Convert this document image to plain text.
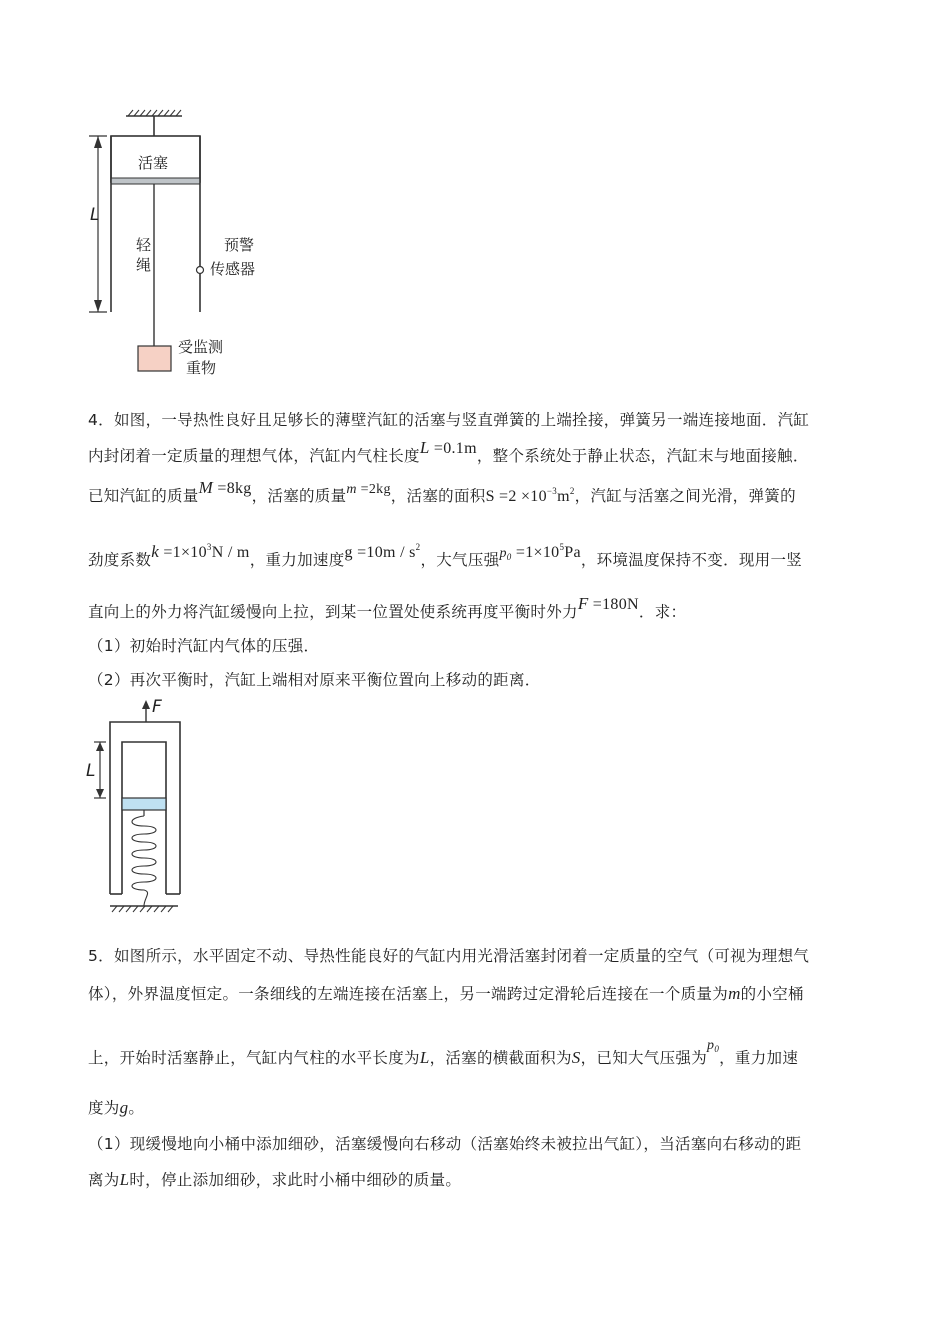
活塞
轻
绳
预警
传感器
受监测
重物
L
4．如图，一导热性良好且足够长的薄壁汽缸的活塞与竖直弹簧的上端拴接，弹簧另一端连接地面．汽缸
内封闭着一定质量的理想气体，汽缸内气柱长度L =0.1m，整个系统处于静止状态，汽缸末与地面接触．
已知汽缸的质量M =8kg，活塞的质量m =2kg，活塞的面积$S =2 \times 10^{-3}m^2$，汽缸与活塞之间光滑，弹簧的
劲度系数$k =1\times 10^3N / m$，重力加速度$g =10m / s^2$，大气压强$p_0 =1\times 10^5Pa$，环境温度保持不变．现用一竖
直向上的外力将汽缸缓慢向上拉，到某一位置处使系统再度平衡时外力F =180N．求：
（1）初始时汽缸内气体的压强．
（2）再次平衡时，汽缸上端相对原来平衡位置向上移动的距离．
F
L
5．如图所示，水平固定不动、导热性能良好的气缸内用光滑活塞封闭着一定质量的空气（可视为理想气
体），外界温度恒定。一条细线的左端连接在活塞上，另一端跨过定滑轮后连接在一个质量为m的小空桶
上，开始时活塞静止，气缸内气柱的水平长度为L，活塞的横截面积为S，已知大气压强为$p_0$，重力加速
度为g。
（1）现缓慢地向小桶中添加细砂，活塞缓慢向右移动（活塞始终未被拉出气缸），当活塞向右移动的距
离为L时，停止添加细砂，求此时小桶中细砂的质量。
